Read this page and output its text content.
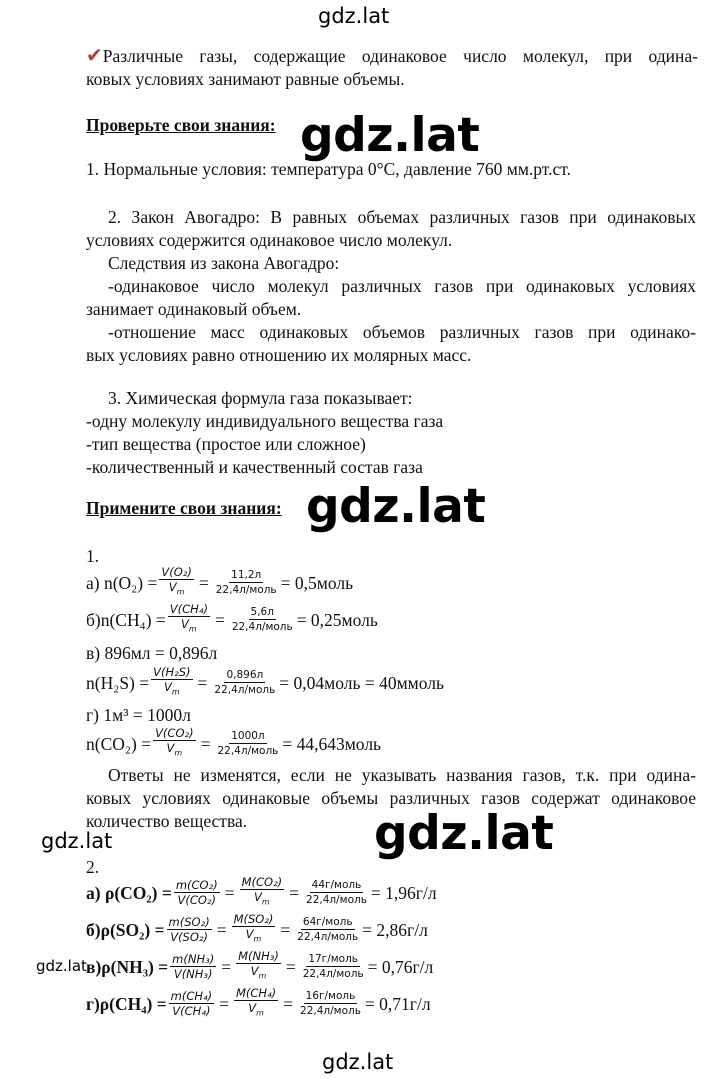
gdz.lat
gdz.lat
gdz.lat
gdz.lat
gdz.lat
gdz.lat
gdz.lat
✔Различные газы, содержащие одинаковое число молекул, при одина-
ковых условиях занимают равные объемы.
Проверьте свои знания:
1. Нормальные условия: температура 0°C, давление 760 мм.рт.ст.
2. Закон Авогадро: В равных объемах различных газов при одинаковых
условиях содержится одинаковое число молекул.
Следствия из закона Авогадро:
-одинаковое число молекул различных газов при одинаковых условиях
занимает одинаковый объем.
-отношение масс одинаковых объемов различных газов при одинако-
вых условиях равно отношению их молярных масс.
3. Химическая формула газа показывает:
-одну молекулу индивидуального вещества газа
-тип вещества (простое или сложное)
-количественный и качественный состав газа
Примените свои знания:
1.
а) $n(O_2) = \frac{\text{V(O₂)}}{V_m} = \frac{11,2л}{\text{22,4л/моль}}$ = 0,5моль
$б)n(CH_4) = \frac{\text{V(CH₄)}}{V_m} = \frac{5,6л}{\text{22,4л/моль}}$ = 0,25моль
в) 896мл = 0,896л
$n(H_2S) = \frac{\text{V(H₂S)}}{V_m} = \frac{0,896л}{\text{22,4л/моль}}$ = 0,04моль = 40ммоль
г) 1м³ = 1000л
$n(CO_2) = \frac{\text{V(CO₂)}}{V_m} = \frac{1000л}{\text{22,4л/моль}}$ = 44,643моль
Ответы не изменятся, если не указывать названия газов, т.к. при одина-
ковых условиях одинаковые объемы различных газов содержат одинаковое
количество вещества.
2.
а) $\rho(CO_2) = \frac{\text{m(CO₂)}}{\text{V(CO₂)}} = \frac{\text{M(CO₂)}}{V_m} = \frac{\text{44г/моль}}{\text{22,4л/моль}} = 1,96г/л$
$б)\rho(SO_2) = \frac{\text{m(SO₂)}}{\text{V(SO₂)}} = \frac{\text{M(SO₂)}}{V_m} = \frac{\text{64г/моль}}{\text{22,4л/моль}} = 2,86г/л$
$в)\rho(NH_3) = \frac{\text{m(NH₃)}}{\text{V(NH₃)}} = \frac{\text{M(NH₃)}}{V_m} = \frac{\text{17г/моль}}{\text{22,4л/моль}} = 0,76г/л$
$г)\rho(CH_4) = \frac{\text{m(CH₄)}}{\text{V(CH₄)}} = \frac{\text{M(CH₄)}}{V_m} = \frac{\text{16г/моль}}{\text{22,4л/моль}} = 0,71г/л$
